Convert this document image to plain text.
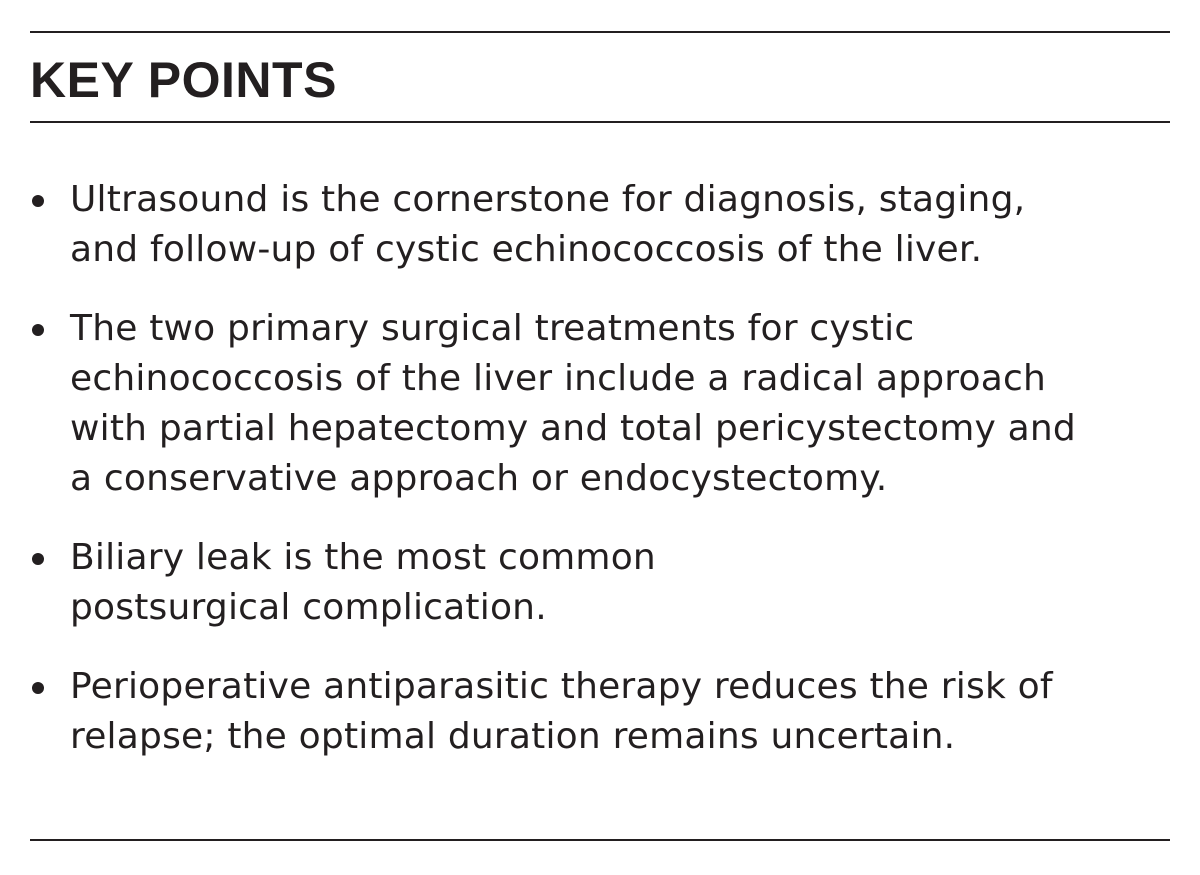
KEY POINTS
Ultrasound is the cornerstone for diagnosis, staging,
and follow-up of cystic echinococcosis of the liver.
The two primary surgical treatments for cystic
echinococcosis of the liver include a radical approach
with partial hepatectomy and total pericystectomy and
a conservative approach or endocystectomy.
Biliary leak is the most common
postsurgical complication.
Perioperative antiparasitic therapy reduces the risk of
relapse; the optimal duration remains uncertain.
